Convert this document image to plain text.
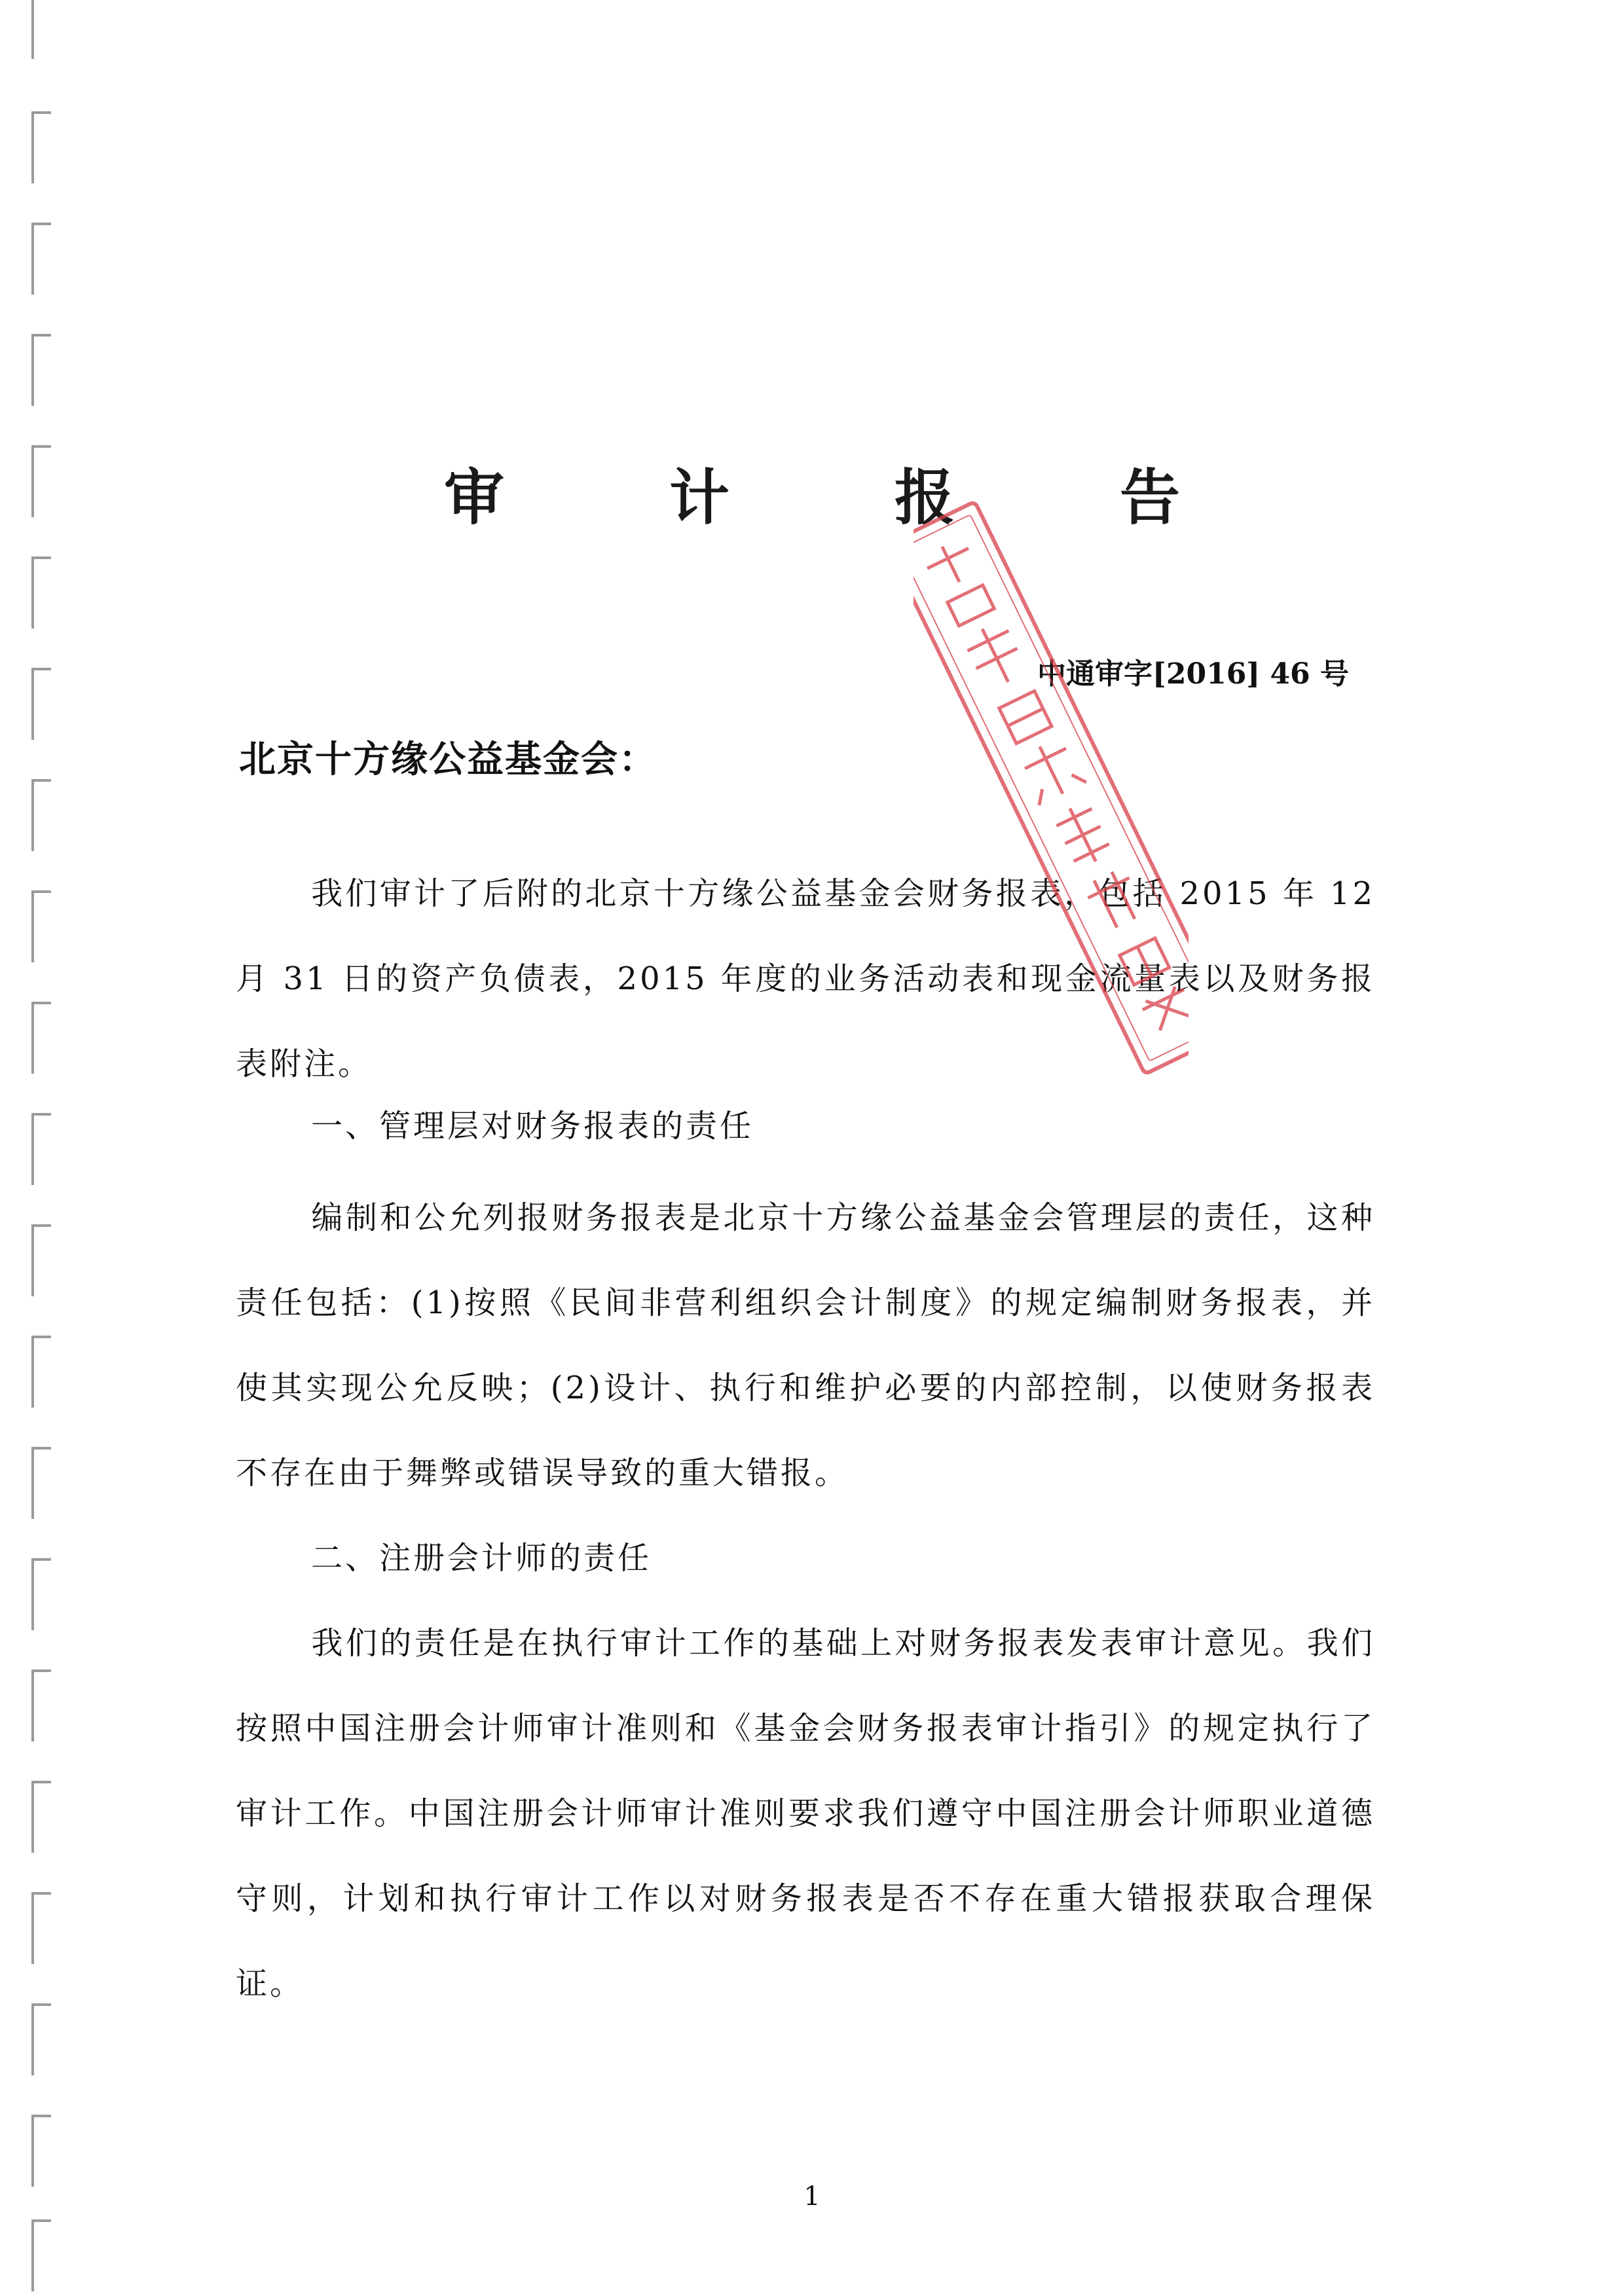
审 计 报 告
中通审字[2016] 46 号
北京十方缘公益基金会：
我们审计了后附的北京十方缘公益基金会财务报表，包括 2015 年 12 月 31 日的资产负债表，2015 年度的业务活动表和现金流量表以及财务报表附注。
一、管理层对财务报表的责任
编制和公允列报财务报表是北京十方缘公益基金会管理层的责任，这种责任包括：(1)按照《民间非营利组织会计制度》的规定编制财务报表，并使其实现公允反映；(2)设计、执行和维护必要的内部控制，以使财务报表不存在由于舞弊或错误导致的重大错报。
二、注册会计师的责任
我们的责任是在执行审计工作的基础上对财务报表发表审计意见。我们按照中国注册会计师审计准则和《基金会财务报表审计指引》的规定执行了审计工作。中国注册会计师审计准则要求我们遵守中国注册会计师职业道德守则，计划和执行审计工作以对财务报表是否不存在重大错报获取合理保证。
1
